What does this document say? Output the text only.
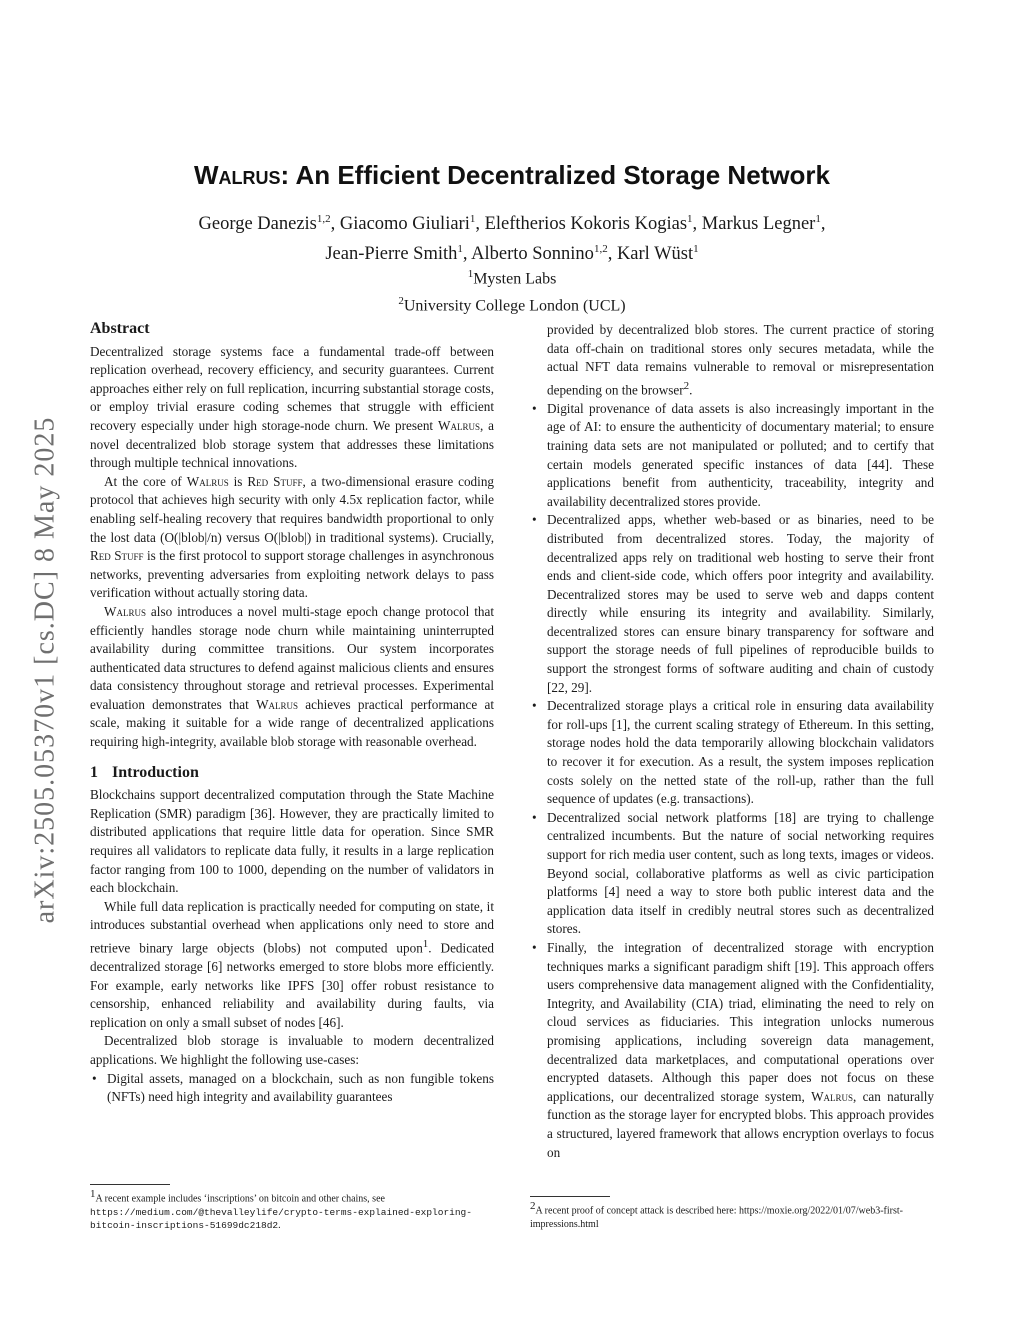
arXiv:2505.05370v1 [cs.DC] 8 May 2025
Walrus: An Efficient Decentralized Storage Network
George Danezis$^{1,2}$, Giacomo Giuliari$^1$, Eleftherios Kokoris Kogias$^1$, Markus Legner$^1$,
Jean-Pierre Smith$^1$, Alberto Sonnino$^{1,2}$, Karl Wüst$^1$
$^1$Mysten Labs
$^2$University College London (UCL)
Abstract

Decentralized storage systems face a fundamental trade-off between replication overhead, recovery efficiency, and security guarantees. Current approaches either rely on full replication, incurring substantial storage costs, or employ trivial erasure coding schemes that struggle with efficient recovery especially under high storage-node churn. We present Walrus, a novel decentralized blob storage system that addresses these limitations through multiple technical innovations.

At the core of Walrus is Red Stuff, a two-dimensional erasure coding protocol that achieves high security with only 4.5x replication factor, while enabling self-healing recovery that requires bandwidth proportional to only the lost data (O(|blob|/n) versus O(|blob|) in traditional systems). Crucially, Red Stuff is the first protocol to support storage challenges in asynchronous networks, preventing adversaries from exploiting network delays to pass verification without actually storing data.

Walrus also introduces a novel multi-stage epoch change protocol that efficiently handles storage node churn while maintaining uninterrupted availability during committee transitions. Our system incorporates authenticated data structures to defend against malicious clients and ensures data consistency throughout storage and retrieval processes. Experimental evaluation demonstrates that Walrus achieves practical performance at scale, making it suitable for a wide range of decentralized applications requiring high-integrity, available blob storage with reasonable overhead.

1 Introduction

Blockchains support decentralized computation through the State Machine Replication (SMR) paradigm [36]. However, they are practically limited to distributed applications that require little data for operation. Since SMR requires all validators to replicate data fully, it results in a large replication factor ranging from 100 to 1000, depending on the number of validators in each blockchain.

While full data replication is practically needed for computing on state, it introduces substantial overhead when applications only need to store and retrieve binary large objects (blobs) not computed upon$^1$. Dedicated decentralized storage [6] networks emerged to store blobs more efficiently. For example, early networks like IPFS [30] offer robust resistance to censorship, enhanced reliability and availability during faults, via replication on only a small subset of nodes [46].

Decentralized blob storage is invaluable to modern decentralized applications. We highlight the following use-cases:

• Digital assets, managed on a blockchain, such as non fungible tokens (NFTs) need high integrity and availability guarantees
$^1$A recent example includes ‘inscriptions’ on bitcoin and other chains, see https://medium.com/@thevalleylife/crypto-terms-explained-exploring-bitcoin-inscriptions-51699dc218d2.

provided by decentralized blob stores. The current practice of storing data off-chain on traditional stores only secures metadata, while the actual NFT data remains vulnerable to removal or misrepresentation depending on the browser$^2$.

• Digital provenance of data assets is also increasingly important in the age of AI: to ensure the authenticity of documentary material; to ensure training data sets are not manipulated or polluted; and to certify that certain models generated specific instances of data [44]. These applications benefit from authenticity, traceability, integrity and availability decentralized stores provide.
• Decentralized apps, whether web-based or as binaries, need to be distributed from decentralized stores. Today, the majority of decentralized apps rely on traditional web hosting to serve their front ends and client-side code, which offers poor integrity and availability. Decentralized stores may be used to serve web and dapps content directly while ensuring its integrity and availability. Similarly, decentralized stores can ensure binary transparency for software and support the storage needs of full pipelines of reproducible builds to support the strongest forms of software auditing and chain of custody [22, 29].
• Decentralized storage plays a critical role in ensuring data availability for roll-ups [1], the current scaling strategy of Ethereum. In this setting, storage nodes hold the data temporarily allowing blockchain validators to recover it for execution. As a result, the system imposes replication costs solely on the netted state of the roll-up, rather than the full sequence of updates (e.g. transactions).
• Decentralized social network platforms [18] are trying to challenge centralized incumbents. But the nature of social networking requires support for rich media user content, such as long texts, images or videos. Beyond social, collaborative platforms as well as civic participation platforms [4] need a way to store both public interest data and the application data itself in credibly neutral stores such as decentralized stores.
• Finally, the integration of decentralized storage with encryption techniques marks a significant paradigm shift [19]. This approach offers users comprehensive data management aligned with the Confidentiality, Integrity, and Availability (CIA) triad, eliminating the need to rely on cloud services as fiduciaries. This integration unlocks numerous promising applications, including sovereign data management, decentralized data marketplaces, and computational operations over encrypted datasets. Although this paper does not focus on these applications, our decentralized storage system, Walrus, can naturally function as the storage layer for encrypted blobs. This approach provides a structured, layered framework that allows encryption overlays to focus on
$^2$A recent proof of concept attack is described here: https://moxie.org/2022/01/07/web3-first-impressions.html
